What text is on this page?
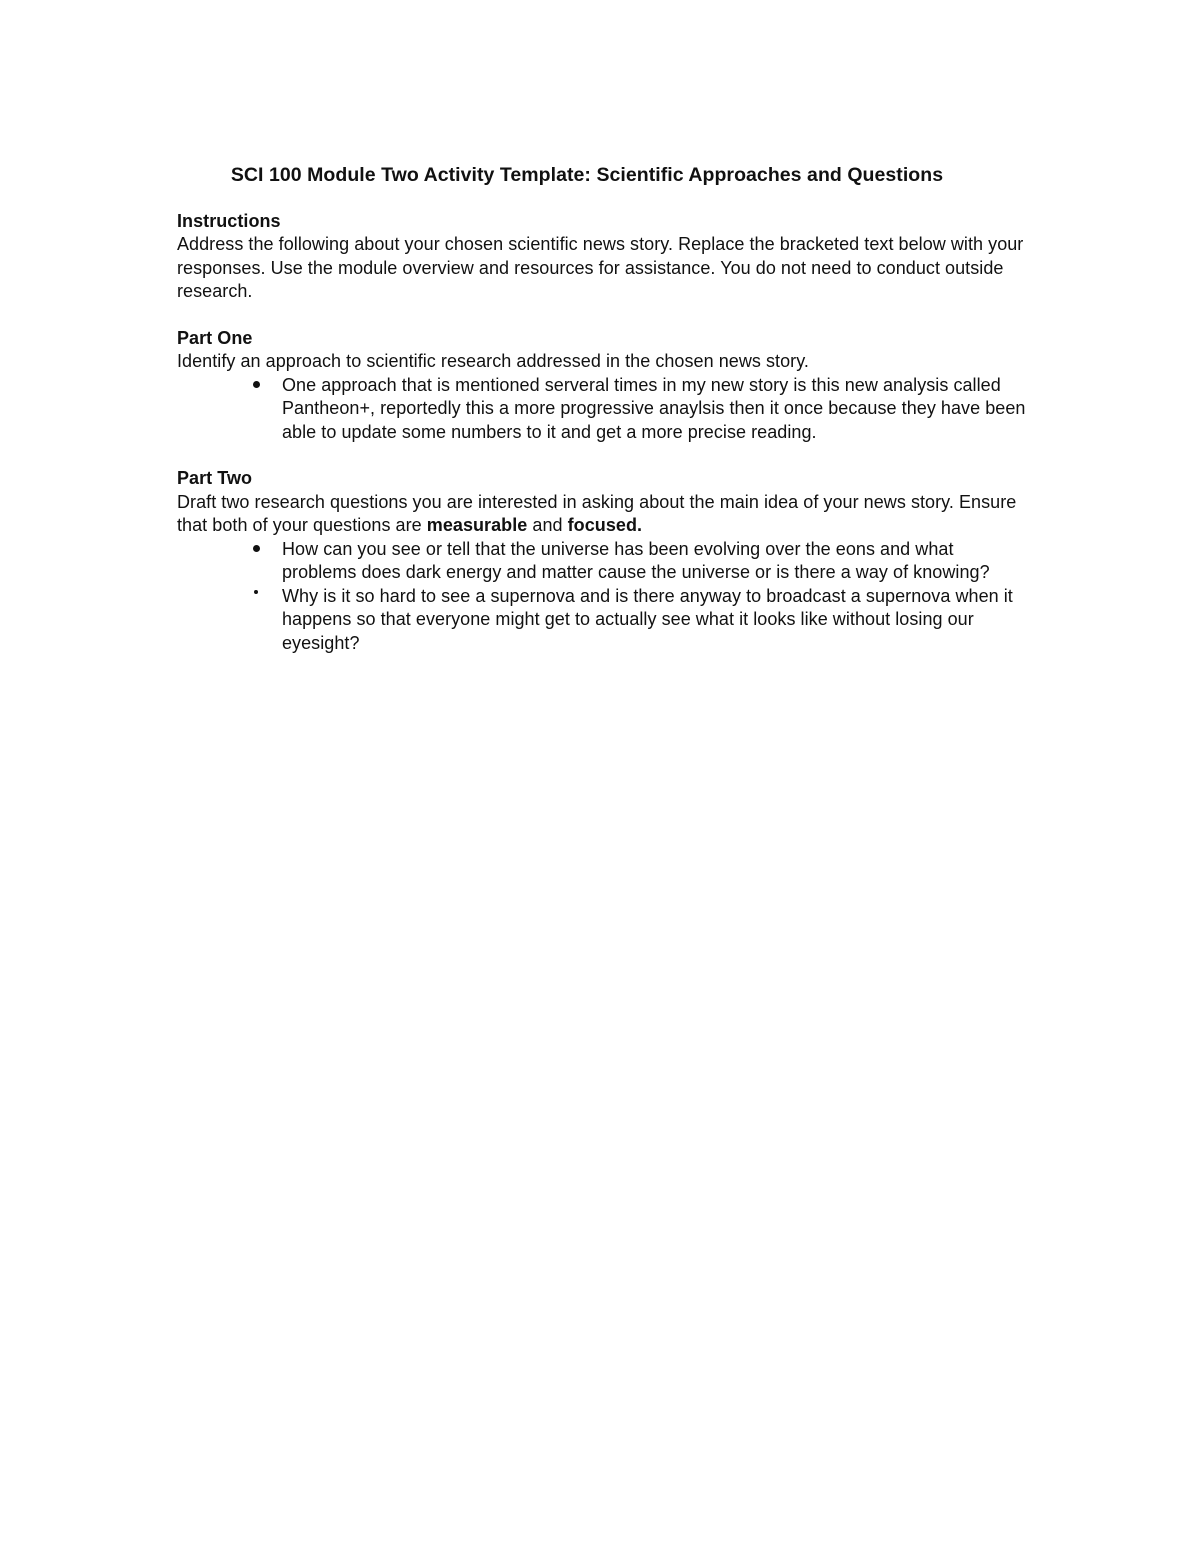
SCI 100 Module Two Activity Template: Scientific Approaches and Questions

Instructions

Address the following about your chosen scientific news story. Replace the bracketed text below with your responses. Use the module overview and resources for assistance. You do not need to conduct outside research.

Part One

Identify an approach to scientific research addressed in the chosen news story.

One approach that is mentioned serveral times in my new story is this new analysis called Pantheon+, reportedly this a more progressive anaylsis then it once because they have been able to update some numbers to it and get a more precise reading.

Part Two

Draft two research questions you are interested in asking about the main idea of your news story. Ensure that both of your questions are measurable and focused.

How can you see or tell that the universe has been evolving over the eons and what problems does dark energy and matter cause the universe or is there a way of knowing?
Why is it so hard to see a supernova and is there anyway to broadcast a supernova when it happens so that everyone might get to actually see what it looks like without losing our eyesight?
